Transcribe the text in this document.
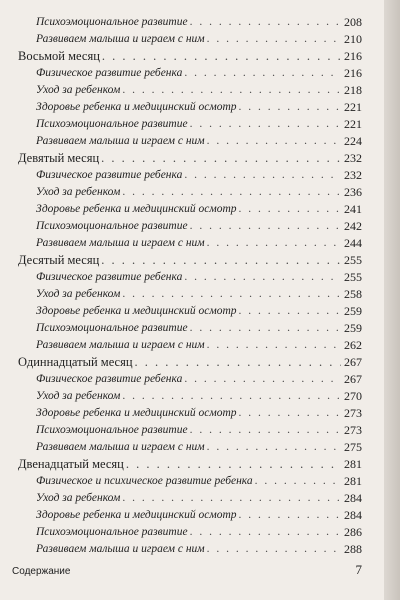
Психоэмоциональное развитие . . .	208
Развиваем малыша и играем с ним . . .	210
Восьмой месяц . . .	216
Физическое развитие ребенка . . .	216
Уход за ребенком . . .	218
Здоровье ребенка и медицинский осмотр . . .	221
Психоэмоциональное развитие . . .	221
Развиваем малыша и играем с ним . . .	224
Девятый месяц . . .	232
Физическое развитие ребенка . . .	232
Уход за ребенком . . .	236
Здоровье ребенка и медицинский осмотр . . .	241
Психоэмоциональное развитие . . .	242
Развиваем малыша и играем с ним . . .	244
Десятый месяц . . .	255
Физическое развитие ребенка . . .	255
Уход за ребенком . . .	258
Здоровье ребенка и медицинский осмотр . . .	259
Психоэмоциональное развитие . . .	259
Развиваем малыша и играем с ним . . .	262
Одиннадцатый месяц . . .	267
Физическое развитие ребенка . . .	267
Уход за ребенком . . .	270
Здоровье ребенка и медицинский осмотр . . .	273
Психоэмоциональное развитие . . .	273
Развиваем малыша и играем с ним . . .	275
Двенадцатый месяц . . .	281
Физическое и психическое развитие ребенка . . .	281
Уход за ребенком . . .	284
Здоровье ребенка и медицинский осмотр . . .	284
Психоэмоциональное развитие . . .	286
Развиваем малыша и играем с ним . . .	288
Содержание	7
